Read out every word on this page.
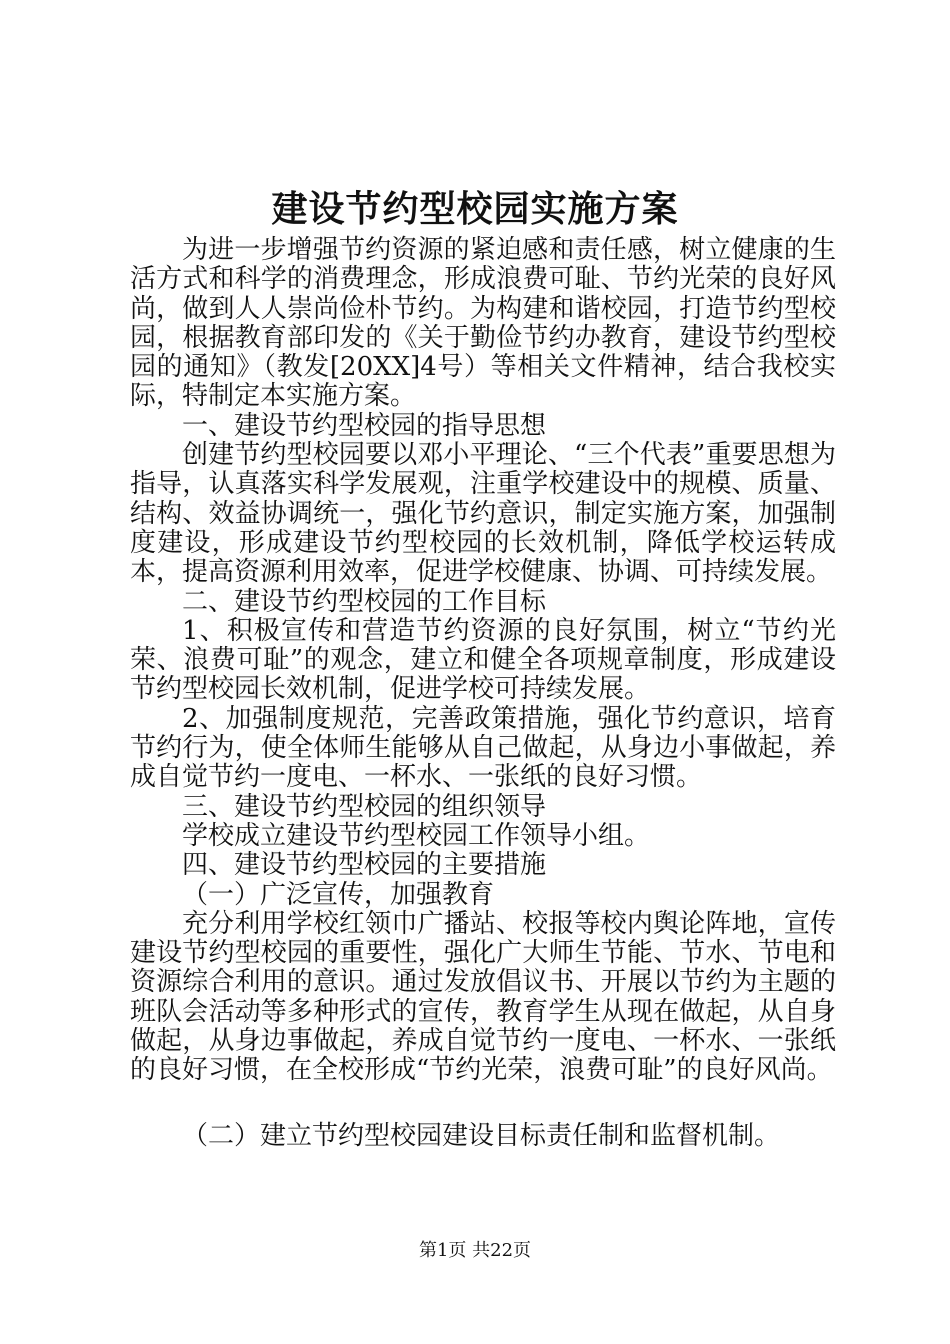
建设节约型校园实施方案

为进一步增强节约资源的紧迫感和责任感，树立健康的生活方式和科学的消费理念，形成浪费可耻、节约光荣的良好风尚，做到人人崇尚俭朴节约。为构建和谐校园，打造节约型校园，根据教育部印发的《关于勤俭节约办教育，建设节约型校园的通知》（教发[20XX]4号）等相关文件精神，结合我校实际，特制定本实施方案。

一、建设节约型校园的指导思想

创建节约型校园要以邓小平理论、“三个代表”重要思想为指导，认真落实科学发展观，注重学校建设中的规模、质量、结构、效益协调统一，强化节约意识，制定实施方案，加强制度建设，形成建设节约型校园的长效机制，降低学校运转成本，提高资源利用效率，促进学校健康、协调、可持续发展。

二、建设节约型校园的工作目标

1、积极宣传和营造节约资源的良好氛围，树立“节约光荣、浪费可耻”的观念，建立和健全各项规章制度，形成建设节约型校园长效机制，促进学校可持续发展。

2、加强制度规范，完善政策措施，强化节约意识，培育节约行为，使全体师生能够从自己做起，从身边小事做起，养成自觉节约一度电、一杯水、一张纸的良好习惯。

三、建设节约型校园的组织领导

学校成立建设节约型校园工作领导小组。

四、建设节约型校园的主要措施

（一）广泛宣传，加强教育

充分利用学校红领巾广播站、校报等校内舆论阵地，宣传建设节约型校园的重要性，强化广大师生节能、节水、节电和资源综合利用的意识。通过发放倡议书、开展以节约为主题的班队会活动等多种形式的宣传，教育学生从现在做起，从自身做起，从身边事做起，养成自觉节约一度电、一杯水、一张纸的良好习惯，在全校形成“节约光荣，浪费可耻”的良好风尚。

（二）建立节约型校园建设目标责任制和监督机制。

第1页 共22页
